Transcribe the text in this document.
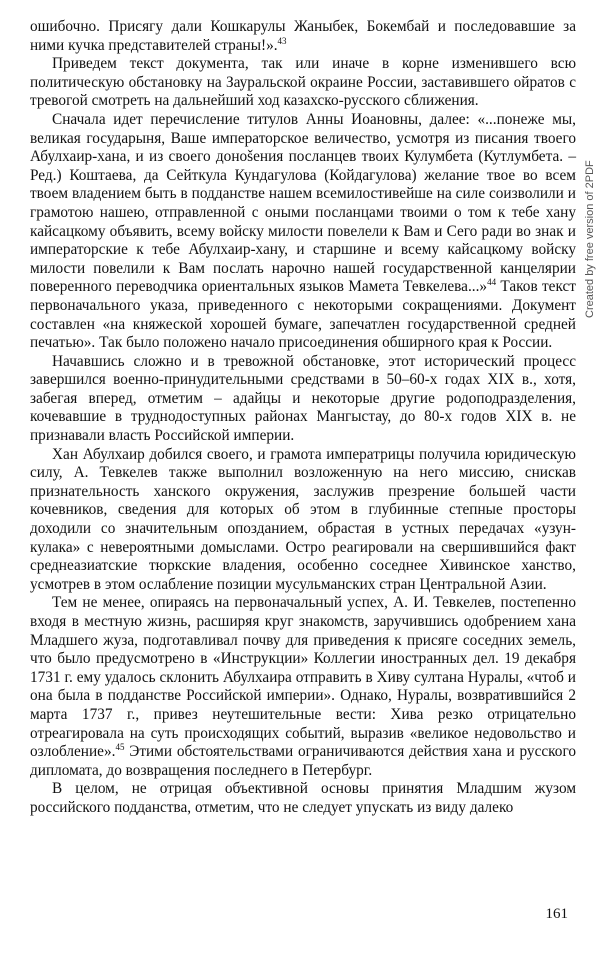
ошибочно. Присягу дали Кошкарулы Жаныбек, Бокембай и последовавшие за ними кучка представителей страны!».$^{43}$

Приведем текст документа, так или иначе в корне изменившего всю политическую обстановку на Зауральской окраине России, заставившего ойратов с тревогой смотреть на дальнейший ход казахско-русского сближения.

Сначала идет перечисление титулов Анны Иоановны, далее: «...понеже мы, великая государыня, Ваше императорское величество, усмотря из писания твоего Абулхаир-хана, и из своего донošения посланцев твоих Кулумбета (Кутлумбета. – Ред.) Коштаева, да Сейткула Кундагулова (Койдагулова) желание твое во всем твоем владением быть в подданстве нашем всемилостивейше на силе соизволили и грамотою нашею, отправленной с оными посланцами твоими о том к тебе хану кайсацкому объявить, всему войску милости повелели к Вам и Сего ради во знак и императорские к тебе Абулхаир-хану, и старшине и всему кайсацкому войску милости повелили к Вам послать нарочно нашей государственной канцелярии поверенного переводчика ориентальных языков Мамета Тевкелева...»$^{44}$ Таков текст первоначального указа, приведенного с некоторыми сокращениями. Документ составлен «на княжеской хорошей бумаге, запечатлен государственной средней печатью». Так было положено начало присоединения обширного края к России.

Начавшись сложно и в тревожной обстановке, этот исторический процесс завершился военно-принудительными средствами в 50–60-х годах XIX в., хотя, забегая вперед, отметим – адайцы и некоторые другие родоподразделения, кочевавшие в труднодоступных районах Мангыстау, до 80-х годов XIX в. не признавали власть Российской империи.

Хан Абулхаир добился своего, и грамота императрицы получила юридическую силу, А. Тевкелев также выполнил возложенную на него миссию, снискав признательность ханского окружения, заслужив презрение большей части кочевников, сведения для которых об этом в глубинные степные просторы доходили со значительным опозданием, обрастая в устных передачах «узун-кулака» с невероятными домыслами. Остро реагировали на свершившийся факт среднеазиатские тюркские владения, особенно соседнее Хивинское ханство, усмотрев в этом ослабление позиции мусульманских стран Центральной Азии.

Тем не менее, опираясь на первоначальный успех, А. И. Тевкелев, постепенно входя в местную жизнь, расширяя круг знакомств, заручившись одобрением хана Младшего жуза, подготавливал почву для приведения к присяге соседних земель, что было предусмотрено в «Инструкции» Коллегии иностранных дел. 19 декабря 1731 г. ему удалось склонить Абулхаира отправить в Хиву султана Нуралы, «чтоб и она была в подданстве Российской империи». Однако, Нуралы, возвратившийся 2 марта 1737 г., привез неутешительные вести: Хива резко отрицательно отреагировала на суть происходящих событий, выразив «великое недовольство и озлобление».$^{45}$ Этими обстоятельствами ограничиваются действия хана и русского дипломата, до возвращения последнего в Петербург.

В целом, не отрицая объективной основы принятия Младшим жузом российского подданства, отметим, что не следует упускать из виду далеко

Created by free version of 2PDF
161
